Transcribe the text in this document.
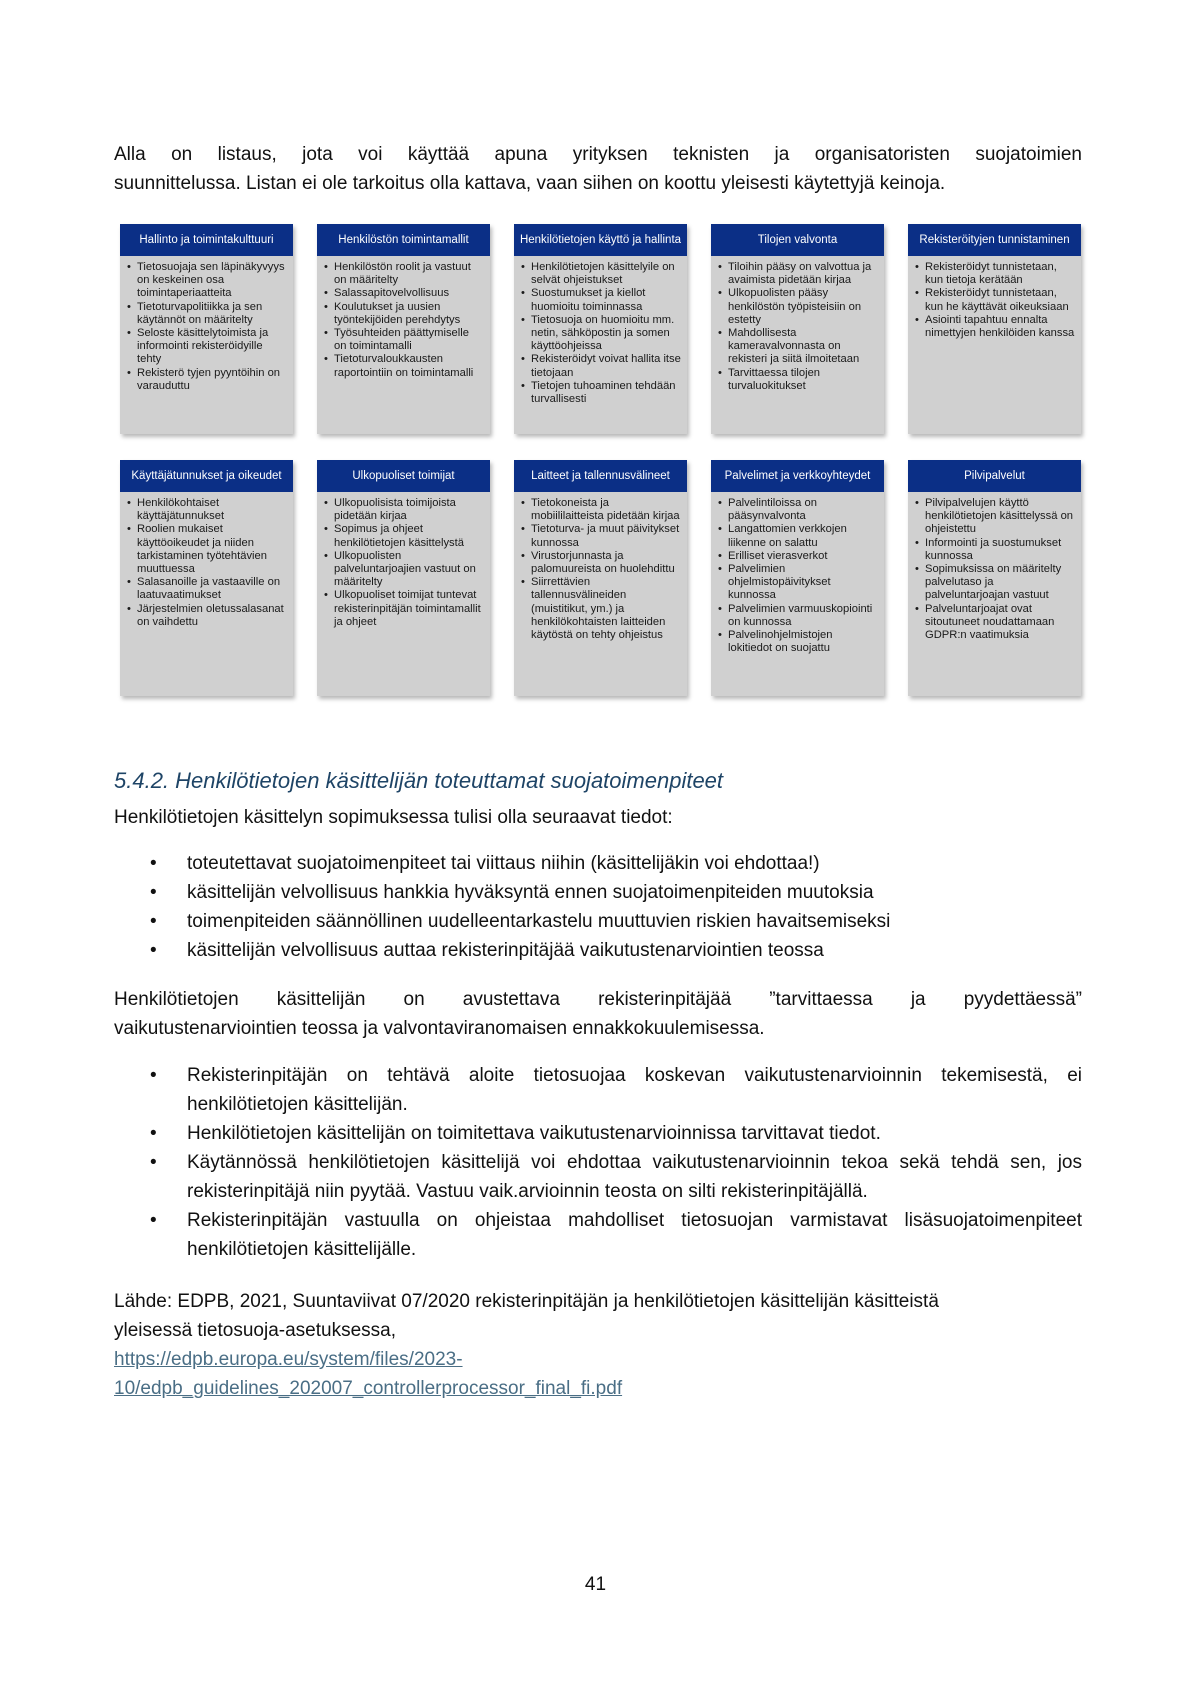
Alla on listaus, jota voi käyttää apuna yrityksen teknisten ja organisatoristen suojatoimien
suunnittelussa. Listan ei ole tarkoitus olla kattava, vaan siihen on koottu yleisesti käytettyjä keinoja.
Hallinto ja toimintakulttuuri
• Tietosuojaja sen läpinäkyvyys on keskeinen osa toimintaperiaatteita
• Tietoturvapolitiikka ja sen käytännöt on määritelty
• Seloste käsittelytoimista ja informointi rekisteröidyille tehty
• Rekisterö tyjen pyyntöihin on varauduttu
Henkilöstön toimintamallit
• Henkilöstön roolit ja vastuut on määritelty
• Salassapitovelvollisuus
• Koulutukset ja uusien työntekijöiden perehdytys
• Työsuhteiden päättymiselle on toimintamalli
• Tietoturvaloukkausten raportointiin on toimintamalli
Henkilötietojen käyttö ja hallinta
• Henkilötietojen käsittelyile on selvät ohjeistukset
• Suostumukset ja kiellot huomioitu toiminnassa
• Tietosuoja on huomioitu mm. netin, sähköpostin ja somen käyttöohjeissa
• Rekisteröidyt voivat hallita itse tietojaan
• Tietojen tuhoaminen tehdään turvallisesti
Tilojen valvonta
• Tiloihin pääsy on valvottua ja avaimista pidetään kirjaa
• Ulkopuolisten pääsy henkilöstön työpisteisiin on estetty
• Mahdollisesta kameravalvonnasta on rekisteri ja siitä ilmoitetaan
• Tarvittaessa tilojen turvaluokitukset
Rekisteröityjen tunnistaminen
• Rekisteröidyt tunnistetaan, kun tietoja kerätään
• Rekisteröidyt tunnistetaan, kun he käyttävät oikeuksiaan
• Asiointi tapahtuu ennalta nimettyjen henkilöiden kanssa
Käyttäjätunnukset ja oikeudet
• Henkilökohtaiset käyttäjätunnukset
• Roolien mukaiset käyttöoikeudet ja niiden tarkistaminen työtehtävien muuttuessa
• Salasanoille ja vastaaville on laatuvaatimukset
• Järjestelmien oletussalasanat on vaihdettu
Ulkopuoliset toimijat
• Ulkopuolisista toimijoista pidetään kirjaa
• Sopimus ja ohjeet henkilötietojen käsittelystä
• Ulkopuolisten palveluntarjoajien vastuut on määritelty
• Ulkopuoliset toimijat tuntevat rekisterinpitäjän toimintamallit ja ohjeet
Laitteet ja tallennusvälineet
• Tietokoneista ja mobiililaitteista pidetään kirjaa
• Tietoturva- ja muut päivitykset kunnossa
• Virustorjunnasta ja palomuureista on huolehdittu
• Siirrettävien tallennusvälineiden (muistitikut, ym.) ja henkilökohtaisten laitteiden käytöstä on tehty ohjeistus
Palvelimet ja verkkoyhteydet
• Palvelintiloissa on pääsynvalvonta
• Langattomien verkkojen liikenne on salattu
• Erilliset vierasverkot
• Palvelimien ohjelmistopäivitykset kunnossa
• Palvelimien varmuuskopiointi on kunnossa
• Palvelinohjelmistojen lokitiedot on suojattu
Pilvipalvelut
• Pilvipalvelujen käyttö henkilötietojen käsittelyssä on ohjeistettu
• Informointi ja suostumukset kunnossa
• Sopimuksissa on määritelty palvelutaso ja palveluntarjoajan vastuut
• Palveluntarjoajat ovat sitoutuneet noudattamaan GDPR:n vaatimuksia
5.4.2. Henkilötietojen käsittelijän toteuttamat suojatoimenpiteet
Henkilötietojen käsittelyn sopimuksessa tulisi olla seuraavat tiedot:
• toteutettavat suojatoimenpiteet tai viittaus niihin (käsittelijäkin voi ehdottaa!)
• käsittelijän velvollisuus hankkia hyväksyntä ennen suojatoimenpiteiden muutoksia
• toimenpiteiden säännöllinen uudelleentarkastelu muuttuvien riskien havaitsemiseksi
• käsittelijän velvollisuus auttaa rekisterinpitäjää vaikutustenarviointien teossa
Henkilötietojen käsittelijän on avustettava rekisterinpitäjää ”tarvittaessa ja pyydettäessä”
vaikutustenarviointien teossa ja valvontaviranomaisen ennakkokuulemisessa.
• Rekisterinpitäjän on tehtävä aloite tietosuojaa koskevan vaikutustenarvioinnin tekemisestä, ei henkilötietojen käsittelijän.
• Henkilötietojen käsittelijän on toimitettava vaikutustenarvioinnissa tarvittavat tiedot.
• Käytännössä henkilötietojen käsittelijä voi ehdottaa vaikutustenarvioinnin tekoa sekä tehdä sen, jos rekisterinpitäjä niin pyytää. Vastuu vaik.arvioinnin teosta on silti rekisterinpitäjällä.
• Rekisterinpitäjän vastuulla on ohjeistaa mahdolliset tietosuojan varmistavat lisäsuojatoimenpiteet henkilötietojen käsittelijälle.
Lähde: EDPB, 2021, Suuntaviivat 07/2020 rekisterinpitäjän ja henkilötietojen käsittelijän käsitteistä
yleisessä tietosuoja-asetuksessa,
https://edpb.europa.eu/system/files/2023-
10/edpb_guidelines_202007_controllerprocessor_final_fi.pdf
41
